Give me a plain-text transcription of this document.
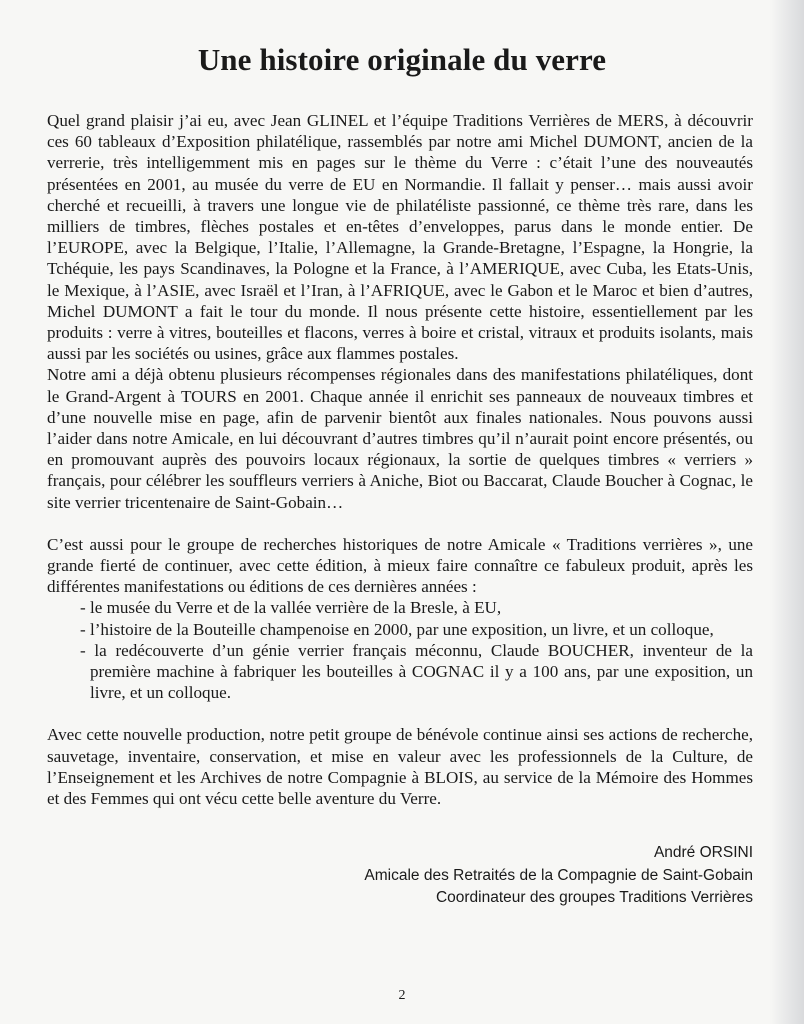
Une histoire originale du verre

Quel grand plaisir j’ai eu, avec Jean GLINEL et l’équipe Traditions Verrières de MERS, à découvrir ces 60 tableaux d’Exposition philatélique, rassemblés par notre ami Michel DUMONT, ancien de la verrerie, très intelligemment mis en pages sur le thème du Verre : c’était l’une des nouveautés présentées en 2001, au musée du verre de EU en Normandie. Il fallait y penser… mais aussi avoir cherché et recueilli, à travers une longue vie de philatéliste passionné, ce thème très rare, dans les milliers de timbres, flèches postales et en-têtes d’enveloppes, parus dans le monde entier. De l’EUROPE, avec la Belgique, l’Italie, l’Allemagne, la Grande-Bretagne, l’Espagne, la Hongrie, la Tchéquie, les pays Scandinaves, la Pologne et la France, à l’AMERIQUE, avec Cuba, les Etats-Unis, le Mexique, à l’ASIE, avec Israël et l’Iran, à l’AFRIQUE, avec le Gabon et le Maroc et bien d’autres, Michel DUMONT a fait le tour du monde. Il nous présente cette histoire, essentiellement par les produits : verre à vitres, bouteilles et flacons, verres à boire et cristal, vitraux et produits isolants, mais aussi par les sociétés ou usines, grâce aux flammes postales.

Notre ami a déjà obtenu plusieurs récompenses régionales dans des manifestations philatéliques, dont le Grand-Argent à TOURS en 2001. Chaque année il enrichit ses panneaux de nouveaux timbres et d’une nouvelle mise en page, afin de parvenir bientôt aux finales nationales. Nous pouvons aussi l’aider dans notre Amicale, en lui découvrant d’autres timbres qu’il n’aurait point encore présentés, ou en promouvant auprès des pouvoirs locaux régionaux, la sortie de quelques timbres « verriers » français, pour célébrer les souffleurs verriers à Aniche, Biot ou Baccarat, Claude Boucher à Cognac, le site verrier tricentenaire de Saint-Gobain…

C’est aussi pour le groupe de recherches historiques de notre Amicale « Traditions verrières », une grande fierté de continuer, avec cette édition, à mieux faire connaître ce fabuleux produit, après les différentes manifestations ou éditions de ces dernières années :

- le musée du Verre et de la vallée verrière de la Bresle, à EU,
- l’histoire de la Bouteille champenoise en 2000, par une exposition, un livre, et un colloque,
- la redécouverte d’un génie verrier français méconnu, Claude BOUCHER, inventeur de la première machine à fabriquer les bouteilles à COGNAC il y a 100 ans, par une exposition, un livre, et un colloque.

Avec cette nouvelle production, notre petit groupe de bénévole continue ainsi ses actions de recherche, sauvetage, inventaire, conservation, et mise en valeur avec les professionnels de la Culture, de l’Enseignement et les Archives de notre Compagnie à BLOIS, au service de la Mémoire des Hommes et des Femmes qui ont vécu cette belle aventure du Verre.

André ORSINI
Amicale des Retraités de la Compagnie de Saint-Gobain
Coordinateur des groupes Traditions Verrières
2
